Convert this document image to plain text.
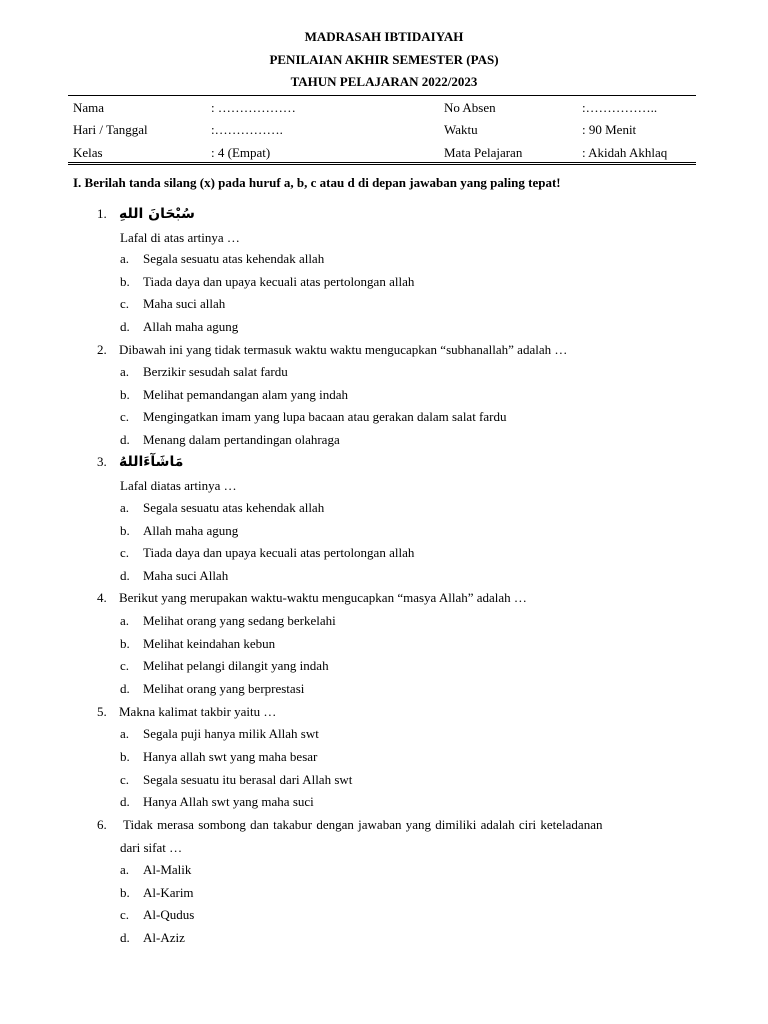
MADRASAH IBTIDAIYAH
PENILAIAN AKHIR SEMESTER (PAS)
TAHUN PELAJARAN 2022/2023
Nama	: ………………	No Absen	:……………..
Hari / Tanggal	:…………….	Waktu	: 90 Menit
Kelas	: 4 (Empat)	Mata Pelajaran	: Akidah Akhlaq
I. Berilah tanda silang (x) pada huruf a, b, c atau d di depan jawaban yang paling tepat!
1. سُبْحَانَ اللهِ
Lafal di atas artinya …
a. Segala sesuatu atas kehendak allah
b. Tiada daya dan upaya kecuali atas pertolongan allah
c. Maha suci allah
d. Allah maha agung
2. Dibawah ini yang tidak termasuk waktu waktu mengucapkan “subhanallah” adalah …
a. Berzikir sesudah salat fardu
b. Melihat pemandangan alam yang indah
c. Mengingatkan imam yang lupa bacaan atau gerakan dalam salat fardu
d. Menang dalam pertandingan olahraga
3. مَاشَآءَاللهُ
Lafal diatas artinya …
a. Segala sesuatu atas kehendak allah
b. Allah maha agung
c. Tiada daya dan upaya kecuali atas pertolongan allah
d. Maha suci Allah
4. Berikut yang merupakan waktu-waktu mengucapkan “masya Allah” adalah …
a. Melihat orang yang sedang berkelahi
b. Melihat keindahan kebun
c. Melihat pelangi dilangit yang indah
d. Melihat orang yang berprestasi
5. Makna kalimat takbir yaitu …
a. Segala puji hanya milik Allah swt
b. Hanya allah swt yang maha besar
c. Segala sesuatu itu berasal dari Allah swt
d. Hanya Allah swt yang maha suci
6. Tidak merasa sombong dan takabur dengan jawaban yang dimiliki adalah ciri keteladanan
dari sifat …
a. Al-Malik
b. Al-Karim
c. Al-Qudus
d. Al-Aziz
